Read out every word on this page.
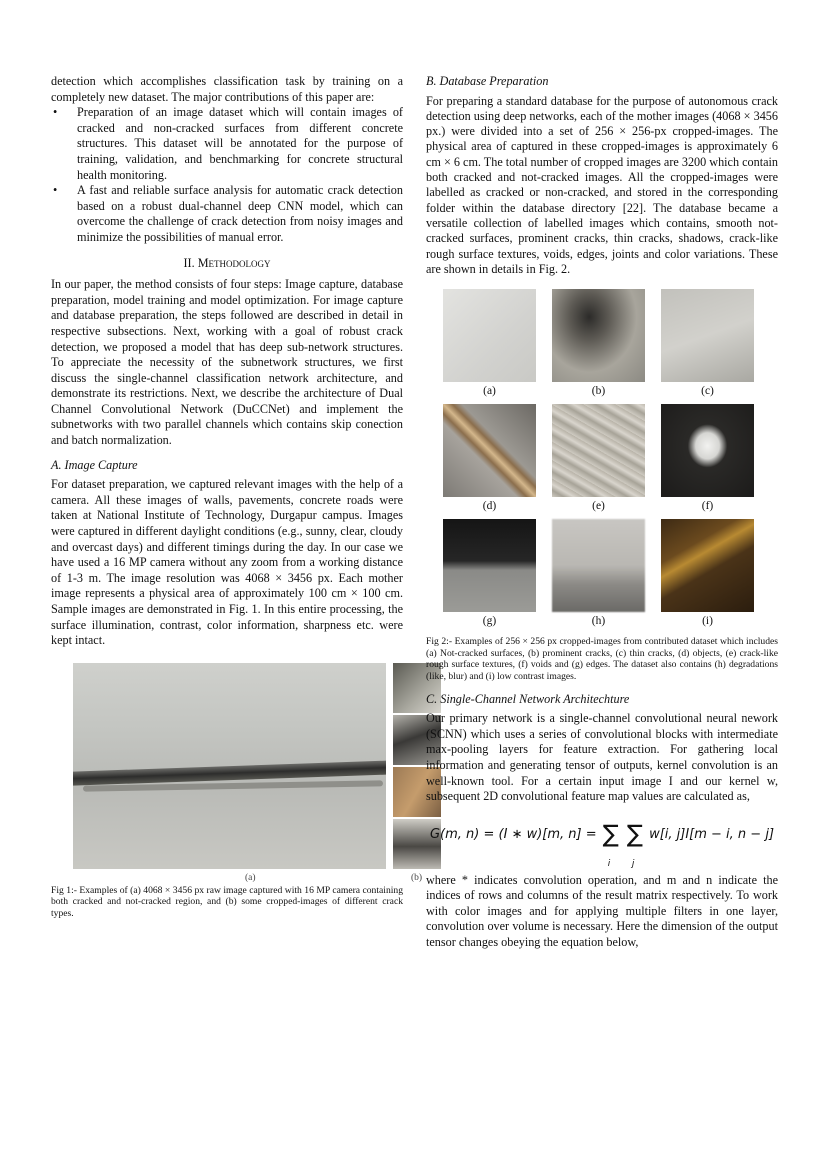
detection which accomplishes classification task by training on a completely new dataset. The major contributions of this paper are:

• Preparation of an image dataset which will contain images of cracked and non-cracked surfaces from different concrete structures. This dataset will be annotated for the purpose of training, validation, and benchmarking for concrete structural health monitoring.
• A fast and reliable surface analysis for automatic crack detection based on a robust dual-channel deep CNN model, which can overcome the challenge of crack detection from noisy images and minimize the possibilities of manual error.
II. Methodology

In our paper, the method consists of four steps: Image capture, database preparation, model training and model optimization. For image capture and database preparation, the steps followed are described in detail in respective subsections. Next, working with a goal of robust crack detection, we proposed a model that has deep sub-network structures. To appreciate the necessity of the subnetwork structures, we first discuss the single-channel classification network architecture, and demonstrate its restrictions. Next, we describe the architecture of Dual Channel Convolutional Network (DuCCNet) and implement the subnetworks with two parallel channels which contains skip conection and batch normalization.

A. Image Capture

For dataset preparation, we captured relevant images with the help of a camera. All these images of walls, pavements, concrete roads were taken at National Institute of Technology, Durgapur campus. Images were captured in different daylight conditions (e.g., sunny, clear, cloudy and overcast days) and different timings during the day. In our case we have used a 16 MP camera without any zoom from a working distance of 1-3 m. The image resolution was 4068 × 3456 px. Each mother image represents a physical area of approximately 100 cm × 100 cm. Sample images are demonstrated in Fig. 1. In this entire processing, the surface illumination, contrast, color information, sharpness etc. were kept intact.

(a)	(b)

Fig 1:- Examples of (a) 4068 × 3456 px raw image captured with 16 MP camera containing both cracked and not-cracked region, and (b) some cropped-images of different crack types.

B. Database Preparation

For preparing a standard database for the purpose of autonomous crack detection using deep networks, each of the mother images (4068 × 3456 px.) were divided into a set of 256 × 256-px cropped-images. The physical area of captured in these cropped-images is approximately 6 cm × 6 cm. The total number of cropped images are 3200 which contain both cracked and not-cracked images. All the cropped-images were labelled as cracked or non-cracked, and stored in the corresponding folder within the database directory [22]. The database became a versatile collection of labelled images which contains, smooth not-cracked surfaces, prominent cracks, thin cracks, shadows, crack-like rough surface textures, voids, edges, joints and color variations. These are shown in details in Fig. 2.

(a)	(b)	(c)
(d)	(e)	(f)
(g)	(h)	(i)

Fig 2:- Examples of 256 × 256 px cropped-images from contributed dataset which includes (a) Not-cracked surfaces, (b) prominent cracks, (c) thin cracks, (d) objects, (e) crack-like rough surface textures, (f) voids and (g) edges. The dataset also contains (h) degradations (like, blur) and (i) low contrast images.

C. Single-Channel Network Architechture

Our primary network is a single-channel convolutional neural nework (SCNN) which uses a series of convolutional blocks with intermediate max-pooling layers for feature extraction. For gathering local information and generating tensor of outputs, kernel convolution is an well-known tool. For a certain input image I and our kernel w, subsequent 2D convolutional feature map values are calculated as,

G(m, n) = (I ∗ w)[m, n] = ∑
i
∑
j
w[i, j]I[m − i, n − j]

where * indicates convolution operation, and m and n indicate the indices of rows and columns of the result matrix respectively. To work with color images and for applying multiple filters in one layer, convolution over volume is necessary. Here the dimension of the output tensor changes obeying the equation below,
